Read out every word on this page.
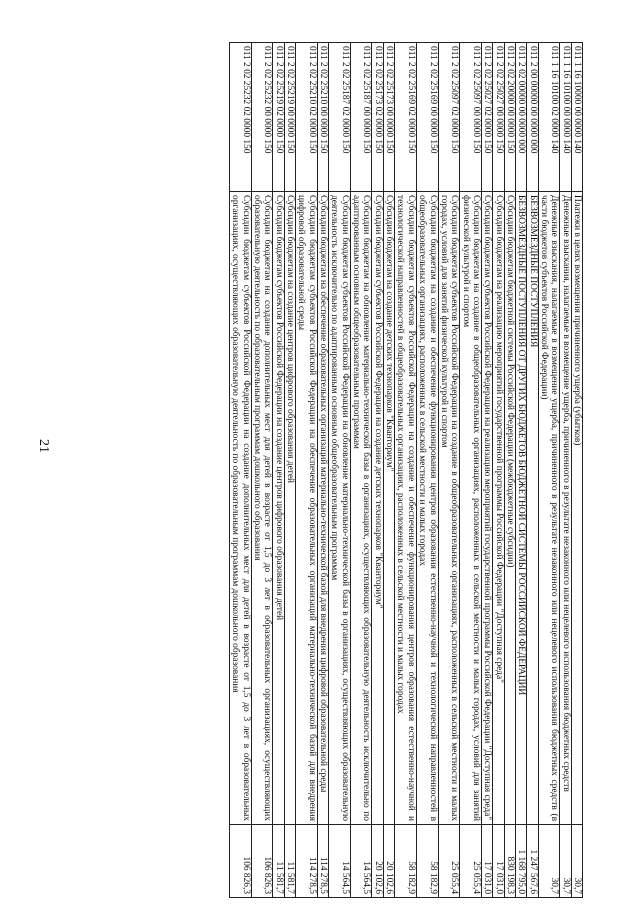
21
011 1 16 10000 00 0000 140	Платежи в целях возмещения причиненного ущерба (убытков)	30,7
011 1 16 10100 00 0000 140	Денежные взыскания, налагаемые в возмещение ущерба, причиненного в результате незаконного или нецелевого использования бюджетных средств	30,7
011 1 16 10100 02 0000 140	Денежные взыскания, налагаемые в возмещение ущерба, причиненного в результате незаконного или нецелевого использования бюджетных средств (в части бюджетов субъектов Российской Федерации)	30,7
011 2 00 00000 00 0000 000	БЕЗВОЗМЕЗДНЫЕ ПОСТУПЛЕНИЯ	1 247 567,6
011 2 02 00000 00 0000 000	БЕЗВОЗМЕЗДНЫЕ ПОСТУПЛЕНИЯ ОТ ДРУГИХ БЮДЖЕТОВ БЮДЖЕТНОЙ СИСТЕМЫ РОССИЙСКОЙ ФЕДЕРАЦИИ	1 168 795,0
011 2 02 20000 00 0000 150	Субсидии бюджетам бюджетной системы Российской Федерации (межбюджетные субсидии)	830 198,3
011 2 02 25027 00 0000 150	Субсидии бюджетам на реализацию мероприятий государственной программы Российской Федерации "Доступная среда"	17 031,0
011 2 02 25027 02 0000 150	Субсидии бюджетам субъектов Российской Федерации на реализацию мероприятий государственной программы Российской Федерации "Доступная среда"	17 031,0
011 2 02 25097 00 0000 150	Субсидии бюджетам на создание в общеобразовательных организациях, расположенных в сельской местности и малых городах, условий для занятий физической культурой и спортом	25 055,4
011 2 02 25097 02 0000 150	Субсидии бюджетам субъектов Российской Федерации на создание в общеобразовательных организациях, расположенных в сельской местности и малых городах, условий для занятий физической культурой и спортом	25 055,4
011 2 02 25169 00 0000 150	Субсидии бюджетам на создание и обеспечение функционирования центров образования естественно-научной и технологической направленностей в общеобразовательных организациях, расположенных в сельской местности и малых городах	58 182,9
011 2 02 25169 02 0000 150	Субсидии бюджетам субъектов Российской Федерации на создание и обеспечение функционирования центров образования естественно-научной и технологической направленностей в общеобразовательных организациях, расположенных в сельской местности и малых городах	58 182,9
011 2 02 25173 00 0000 150	Субсидии бюджетам на создание детских технопарков "Кванториум"	20 102,6
011 2 02 25173 02 0000 150	Субсидии бюджетам субъектов Российской Федерации на создание детских технопарков "Кванториум"	20 102,6
011 2 02 25187 00 0000 150	Субсидии бюджетам на обновление материально-технической базы в организациях, осуществляющих образовательную деятельность исключительно по адаптированным основным общеобразовательным программам	14 564,5
011 2 02 25187 02 0000 150	Субсидии бюджетам субъектов Российской Федерации на обновление материально-технической базы в организациях, осуществляющих образовательную деятельность исключительно по адаптированным основным общеобразовательным программам	14 564,5
011 2 02 25210 00 0000 150	Субсидии бюджетам на обеспечение образовательных организаций материально-технической базой для внедрения цифровой образовательной среды	114 278,5
011 2 02 25210 02 0000 150	Субсидии бюджетам субъектов Российской Федерации на обеспечение образовательных организаций материально-технической базой для внедрения цифровой образовательной среды	114 278,5
011 2 02 25219 00 0000 150	Субсидии бюджетам на создание центров цифрового образования детей	11 581,7
011 2 02 25219 02 0000 150	Субсидии бюджетам субъектов Российской Федерации на создание центров цифрового образования детей	11 581,7
011 2 02 25232 00 0000 150	Субсидии бюджетам на создание дополнительных мест для детей в возрасте от 1,5 до 3 лет в образовательных организациях, осуществляющих образовательную деятельность по образовательным программам дошкольного образования	106 826,3
011 2 02 25232 02 0000 150	Субсидии бюджетам субъектов Российской Федерации на создание дополнительных мест для детей в возрасте от 1,5 до 3 лет в образовательных организациях, осуществляющих образовательную деятельность по образовательным программам дошкольного образования	106 826,3
